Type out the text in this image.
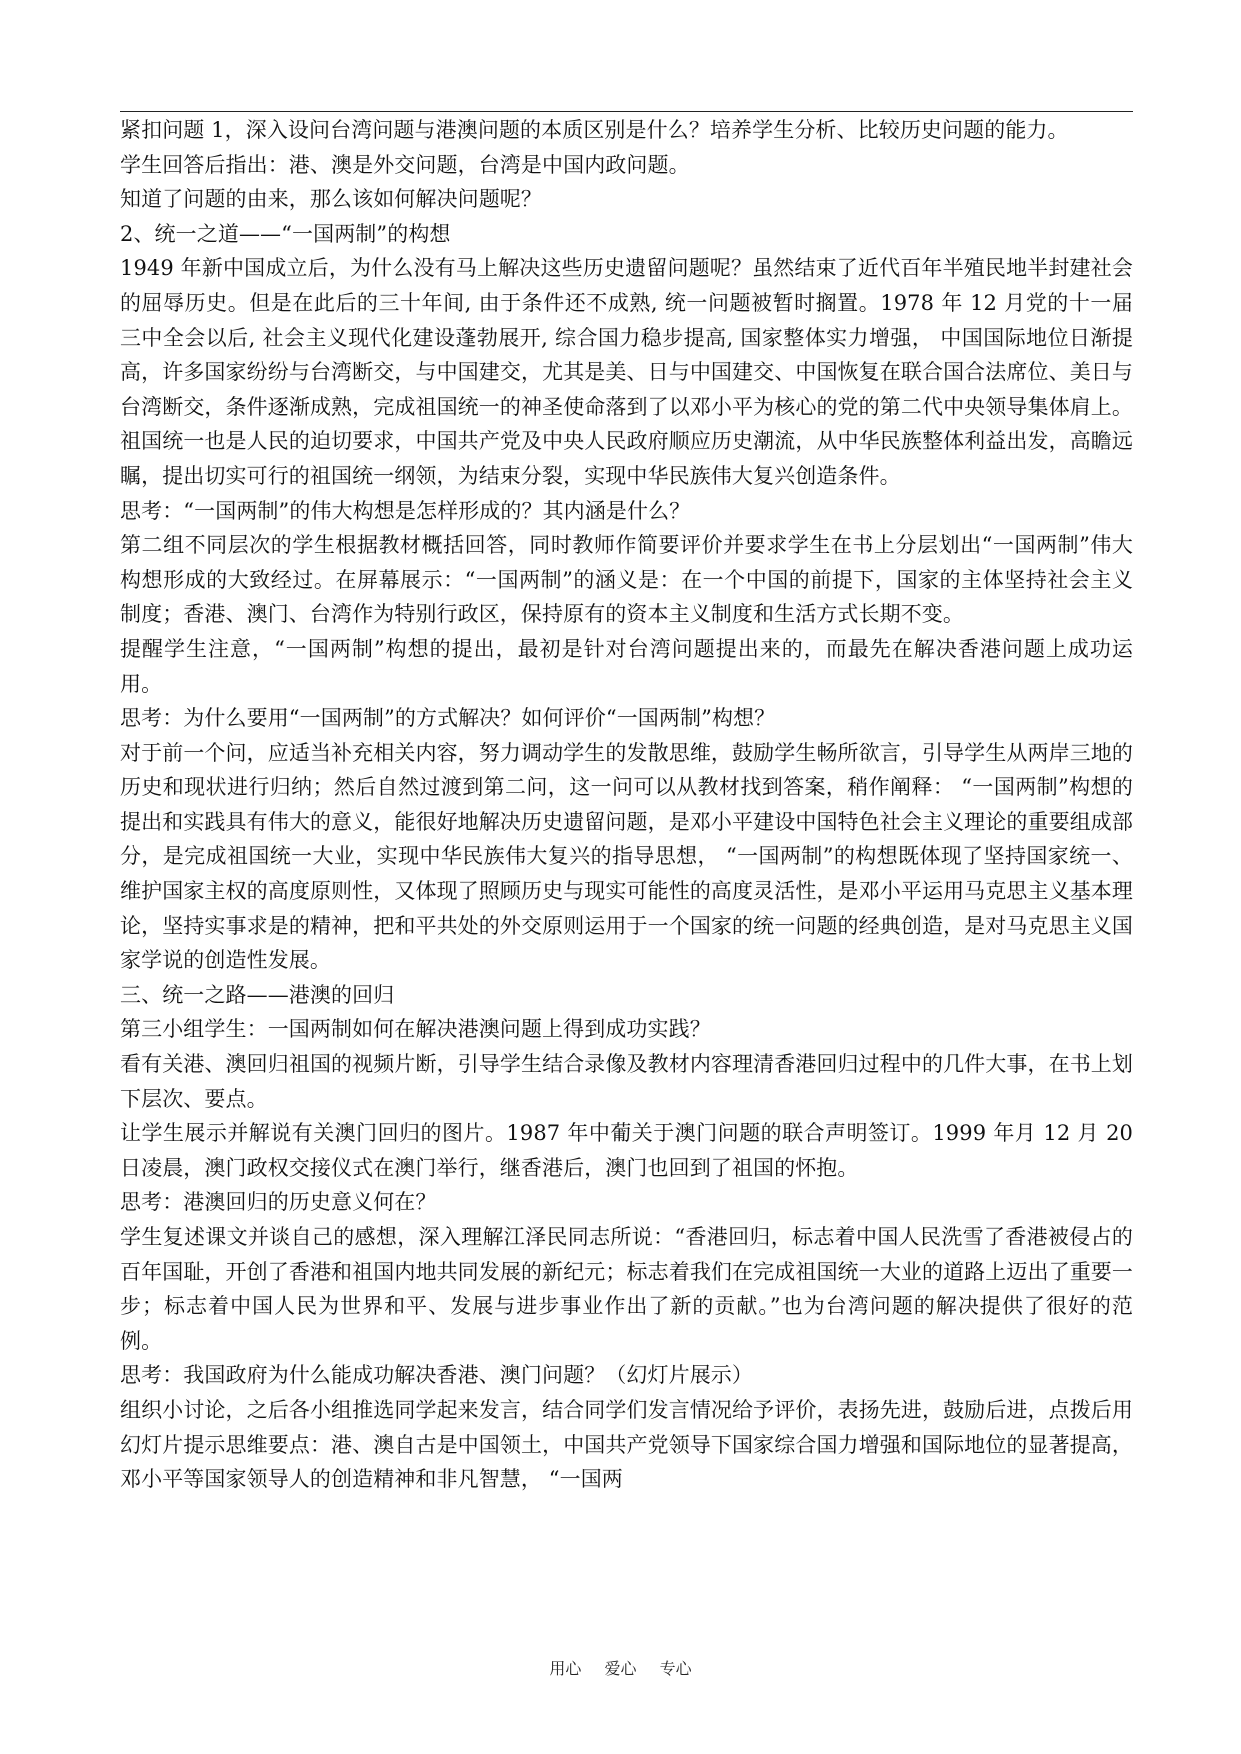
紧扣问题 1，深入设问台湾问题与港澳问题的本质区别是什么？培养学生分析、比较历史问题的能力。

学生回答后指出：港、澳是外交问题，台湾是中国内政问题。

知道了问题的由来，那么该如何解决问题呢？

2、统一之道——“一国两制”的构想

1949 年新中国成立后，为什么没有马上解决这些历史遗留问题呢？虽然结束了近代百年半殖民地半封建社会的屈辱历史。但是在此后的三十年间, 由于条件还不成熟, 统一问题被暂时搁置。1978 年 12 月党的十一届三中全会以后, 社会主义现代化建设蓬勃展开, 综合国力稳步提高, 国家整体实力增强， 中国国际地位日渐提高，许多国家纷纷与台湾断交，与中国建交，尤其是美、日与中国建交、中国恢复在联合国合法席位、美日与台湾断交，条件逐渐成熟，完成祖国统一的神圣使命落到了以邓小平为核心的党的第二代中央领导集体肩上。祖国统一也是人民的迫切要求，中国共产党及中央人民政府顺应历史潮流，从中华民族整体利益出发，高瞻远瞩，提出切实可行的祖国统一纲领，为结束分裂，实现中华民族伟大复兴创造条件。

思考：“一国两制”的伟大构想是怎样形成的？其内涵是什么？

第二组不同层次的学生根据教材概括回答，同时教师作简要评价并要求学生在书上分层划出“一国两制”伟大构想形成的大致经过。在屏幕展示：“一国两制”的涵义是：在一个中国的前提下，国家的主体坚持社会主义制度；香港、澳门、台湾作为特别行政区，保持原有的资本主义制度和生活方式长期不变。

提醒学生注意，“一国两制”构想的提出，最初是针对台湾问题提出来的，而最先在解决香港问题上成功运用。

思考：为什么要用“一国两制”的方式解决？如何评价“一国两制”构想？

对于前一个问，应适当补充相关内容，努力调动学生的发散思维，鼓励学生畅所欲言，引导学生从两岸三地的历史和现状进行归纳；然后自然过渡到第二问，这一问可以从教材找到答案，稍作阐释： “一国两制”构想的提出和实践具有伟大的意义，能很好地解决历史遗留问题，是邓小平建设中国特色社会主义理论的重要组成部分，是完成祖国统一大业，实现中华民族伟大复兴的指导思想， “一国两制”的构想既体现了坚持国家统一、维护国家主权的高度原则性，又体现了照顾历史与现实可能性的高度灵活性，是邓小平运用马克思主义基本理论，坚持实事求是的精神，把和平共处的外交原则运用于一个国家的统一问题的经典创造，是对马克思主义国家学说的创造性发展。

三、统一之路——港澳的回归

第三小组学生：一国两制如何在解决港澳问题上得到成功实践？

看有关港、澳回归祖国的视频片断，引导学生结合录像及教材内容理清香港回归过程中的几件大事，在书上划下层次、要点。

让学生展示并解说有关澳门回归的图片。1987 年中葡关于澳门问题的联合声明签订。1999 年月 12 月 20 日凌晨，澳门政权交接仪式在澳门举行，继香港后，澳门也回到了祖国的怀抱。

思考：港澳回归的历史意义何在？

学生复述课文并谈自己的感想，深入理解江泽民同志所说：“香港回归，标志着中国人民洗雪了香港被侵占的百年国耻，开创了香港和祖国内地共同发展的新纪元；标志着我们在完成祖国统一大业的道路上迈出了重要一步；标志着中国人民为世界和平、发展与进步事业作出了新的贡献。”也为台湾问题的解决提供了很好的范例。

思考：我国政府为什么能成功解决香港、澳门问题？（幻灯片展示）

组织小讨论，之后各小组推选同学起来发言，结合同学们发言情况给予评价，表扬先进，鼓励后进，点拨后用幻灯片提示思维要点：港、澳自古是中国领土，中国共产党领导下国家综合国力增强和国际地位的显著提高，邓小平等国家领导人的创造精神和非凡智慧， “一国两

用心 爱心 专心
